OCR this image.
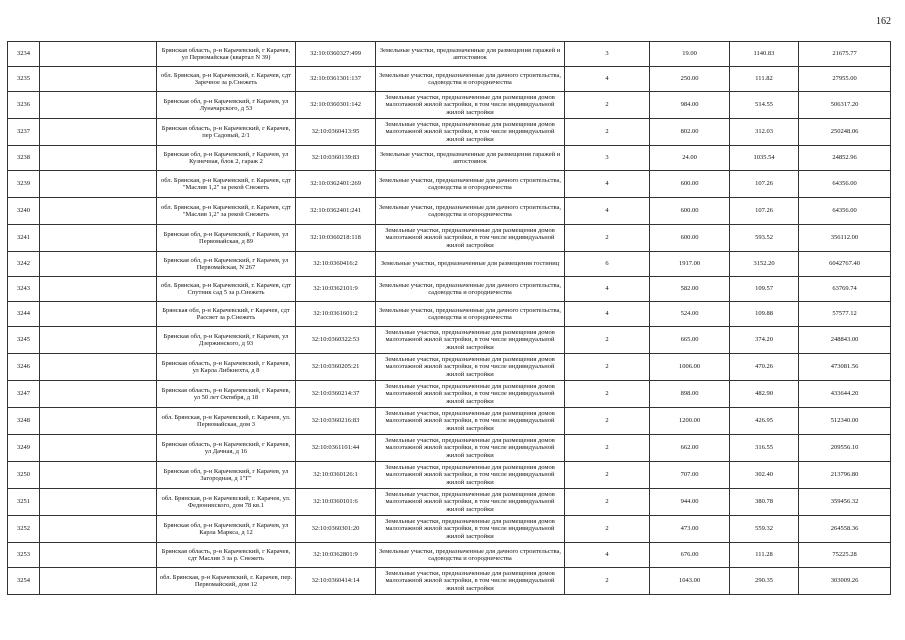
162
3234		Брянская область, р-н Карачевский, г Карачев, ул Первомайская (квартал N 39)	32:10:0360327:499	Земельные участки, предназначенные для размещения гаражей и автостоянок	3	19.00	1140.83	21675.77
3235		обл. Брянская, р-н Карачевский, г. Карачев, сдт Заречное за р.Снежеть	32:10:0361301:137	Земельные участки, предназначенные для дачного строительства, садоводства и огородничества	4	250.00	111.82	27955.00
3236		Брянская обл, р-н Карачевский, г Карачев, ул Луначарского, д 53	32:10:0360301:142	Земельные участки, предназначенные для размещения домов малоэтажной жилой застройки, в том числе индивидуальной жилой застройки	2	984.00	514.55	506317.20
3237		Брянская область, р-н Карачевский, г Карачев, пер Садовый, 2/1	32:10:0360413:95	Земельные участки, предназначенные для размещения домов малоэтажной жилой застройки, в том числе индивидуальной жилой застройки	2	802.00	312.03	250248.06
3238		Брянская обл, р-н Карачевский, г Карачев, ул Кузнечная, блок 2, гараж 2	32:10:0360139:83	Земельные участки, предназначенные для размещения гаражей и автостоянок	3	24.00	1035.54	24852.96
3239		обл. Брянская, р-н Карачевский, г. Карачев, сдт "Маслив 1,2" за рекой Снежеть	32:10:0362401:269	Земельные участки, предназначенные для дачного строительства, садоводства и огородничества	4	600.00	107.26	64356.00
3240		обл. Брянская, р-н Карачевский, г. Карачев, сдт "Маслив 1,2" за рекой Снежеть	32:10:0362401:241	Земельные участки, предназначенные для дачного строительства, садоводства и огородничества	4	600.00	107.26	64356.00
3241		Брянская обл, р-н Карачевский, г Карачев, ул Первомайская, д 89	32:10:0360218:118	Земельные участки, предназначенные для размещения домов малоэтажной жилой застройки, в том числе индивидуальной жилой застройки	2	600.00	593.52	356112.00
3242		Брянская обл, р-н Карачевский, г Карачев, ул Первомайская, N 267	32:10:0360416:2	Земельные участки, предназначенные для размещения гостиниц	6	1917.00	3152.20	6042767.40
3243		обл. Брянская, р-н Карачевский, г. Карачев, сдт Спутник сад 5 за р.Снежеть	32:10:0362101:9	Земельные участки, предназначенные для дачного строительства, садоводства и огородничества	4	582.00	109.57	63769.74
3244		Брянская обл, р-н Карачевский, г Карачев, сдт Рассвет за р.Снежеть	32:10:0361601:2	Земельные участки, предназначенные для дачного строительства, садоводства и огородничества	4	524.00	109.88	57577.12
3245		Брянская обл, р-н Карачевский, г Карачев, ул Дзержинского, д 93	32:10:0360322:53	Земельные участки, предназначенные для размещения домов малоэтажной жилой застройки, в том числе индивидуальной жилой застройки	2	665.00	374.20	248843.00
3246		Брянская область, р-н Карачевский, г Карачев, ул Карла Либкнехта, д 8	32:10:0360205:21	Земельные участки, предназначенные для размещения домов малоэтажной жилой застройки, в том числе индивидуальной жилой застройки	2	1006.00	470.26	473081.56
3247		Брянская область, р-н Карачевский, г Карачев, ул 50 лет Октября, д 18	32:10:0360214:37	Земельные участки, предназначенные для размещения домов малоэтажной жилой застройки, в том числе индивидуальной жилой застройки	2	898.00	482.90	433644.20
3248		обл. Брянская, р-н Карачевский, г. Карачев, ул. Первомайская, дом 3	32:10:0360216:83	Земельные участки, предназначенные для размещения домов малоэтажной жилой застройки, в том числе индивидуальной жилой застройки	2	1200.00	426.95	512340.00
3249		Брянская область, р-н Карачевский, г Карачев, ул Дачная, д 16	32:10:0361101:44	Земельные участки, предназначенные для размещения домов малоэтажной жилой застройки, в том числе индивидуальной жилой застройки	2	662.00	316.55	209556.10
3250		Брянская обл, р-н Карачевский, г Карачев, ул Загородная, д 1"Г"	32:10:0360126:1	Земельные участки, предназначенные для размещения домов малоэтажной жилой застройки, в том числе индивидуальной жилой застройки	2	707.00	302.40	213796.80
3251		обл. Брянская, р-н Карачевский, г. Карачев, ул. Федюнинского, дом 78 кв.1	32:10:0360101:6	Земельные участки, предназначенные для размещения домов малоэтажной жилой застройки, в том числе индивидуальной жилой застройки	2	944.00	380.78	359456.32
3252		Брянская обл, р-н Карачевский, г Карачев, ул Карла Маркса, д 12	32:10:0360301:20	Земельные участки, предназначенные для размещения домов малоэтажной жилой застройки, в том числе индивидуальной жилой застройки	2	473.00	559.32	264558.36
3253		Брянская область, р-н Карачевский, г Карачев, сдт Маслив 3 за р. Снежеть	32:10:0362801:9	Земельные участки, предназначенные для дачного строительства, садоводства и огородничества	4	676.00	111.28	75225.28
3254		обл. Брянская, р-н Карачевский, г. Карачев, пер. Первомайский, дом 12	32:10:0360414:14	Земельные участки, предназначенные для размещения домов малоэтажной жилой застройки, в том числе индивидуальной жилой застройки	2	1043.00	290.35	303009.26
